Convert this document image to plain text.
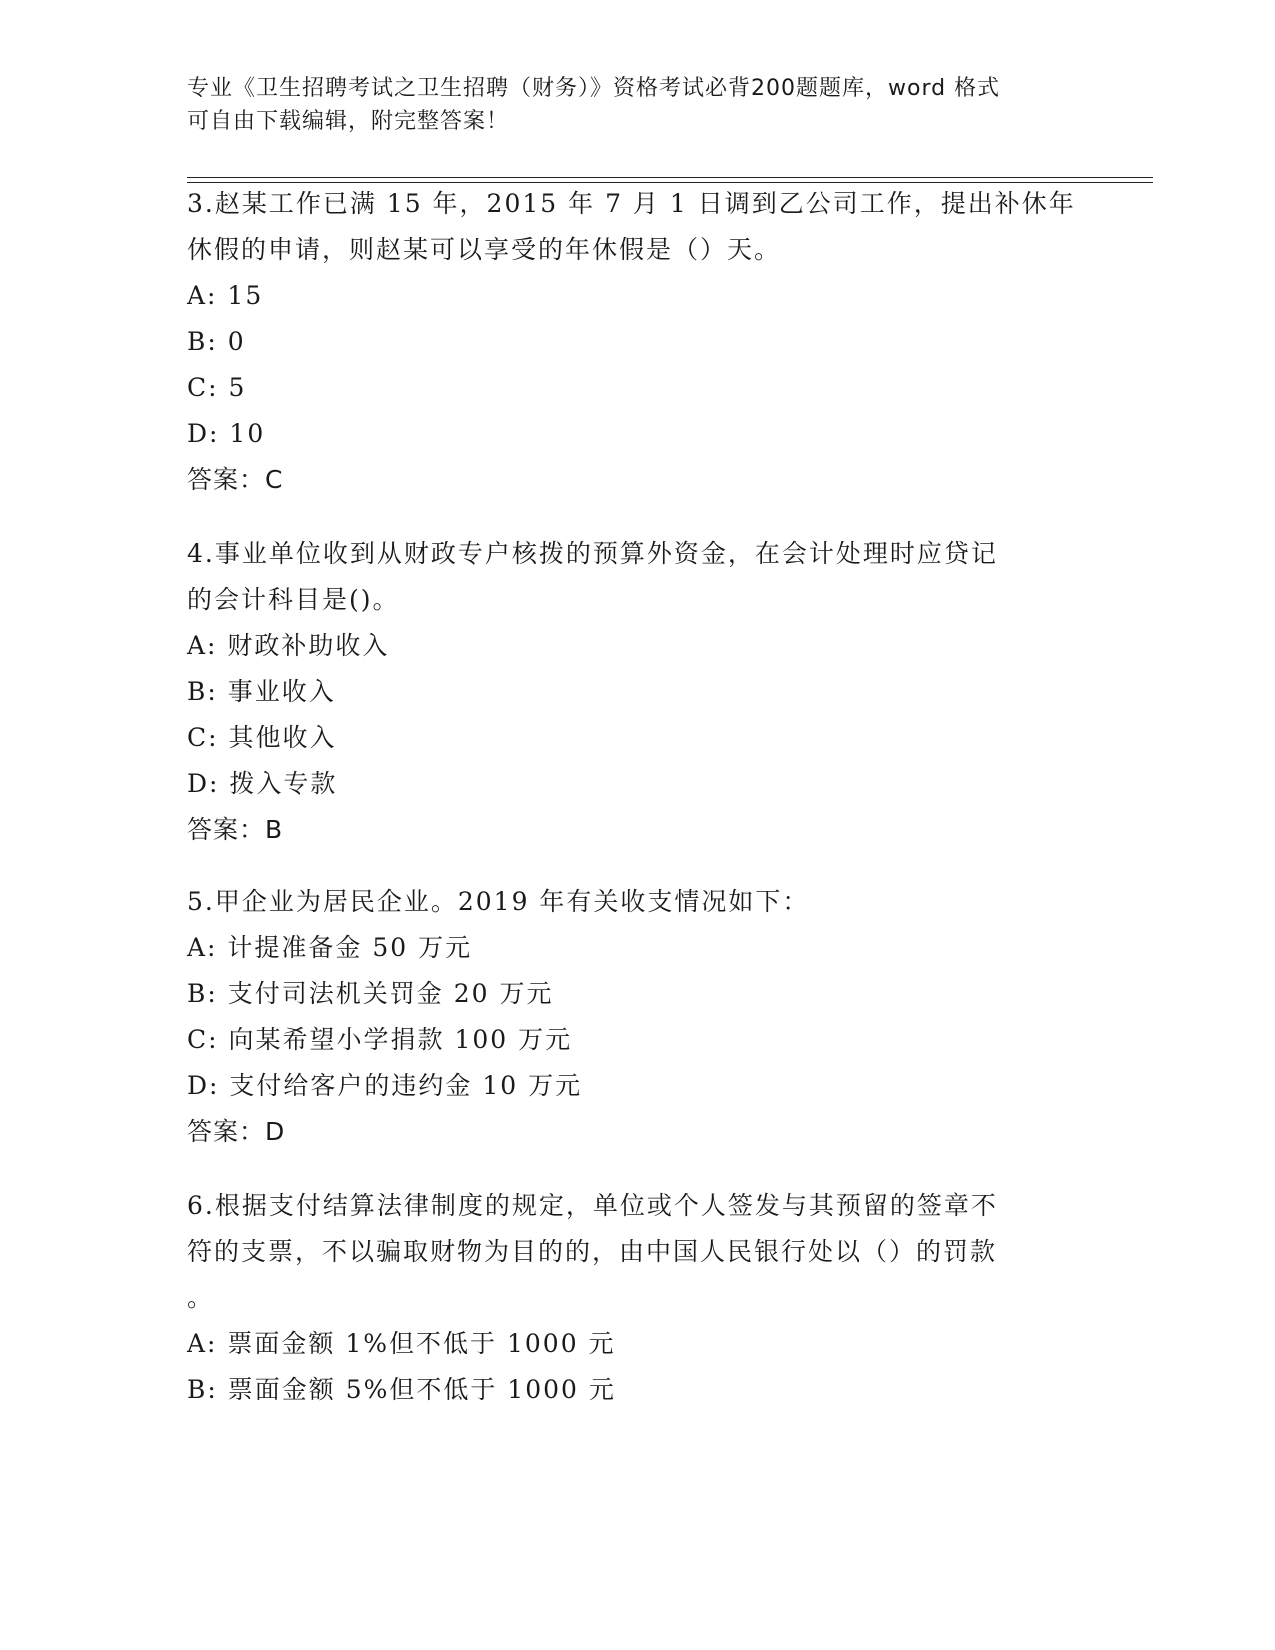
专业《卫生招聘考试之卫生招聘（财务）》资格考试必背200题题库，word 格式
可自由下载编辑，附完整答案！
3.赵某工作已满 15 年，2015 年 7 月 1 日调到乙公司工作，提出补休年
休假的申请，则赵某可以享受的年休假是（）天。
A: 15
B: 0
C: 5
D: 10
答案：C
4.事业单位收到从财政专户核拨的预算外资金，在会计处理时应贷记
的会计科目是()。
A: 财政补助收入
B: 事业收入
C: 其他收入
D: 拨入专款
答案：B
5.甲企业为居民企业。2019 年有关收支情况如下：
A: 计提准备金 50 万元
B: 支付司法机关罚金 20 万元
C: 向某希望小学捐款 100 万元
D: 支付给客户的违约金 10 万元
答案：D
6.根据支付结算法律制度的规定，单位或个人签发与其预留的签章不
符的支票，不以骗取财物为目的的，由中国人民银行处以（）的罚款
。
A: 票面金额 1%但不低于 1000 元
B: 票面金额 5%但不低于 1000 元
